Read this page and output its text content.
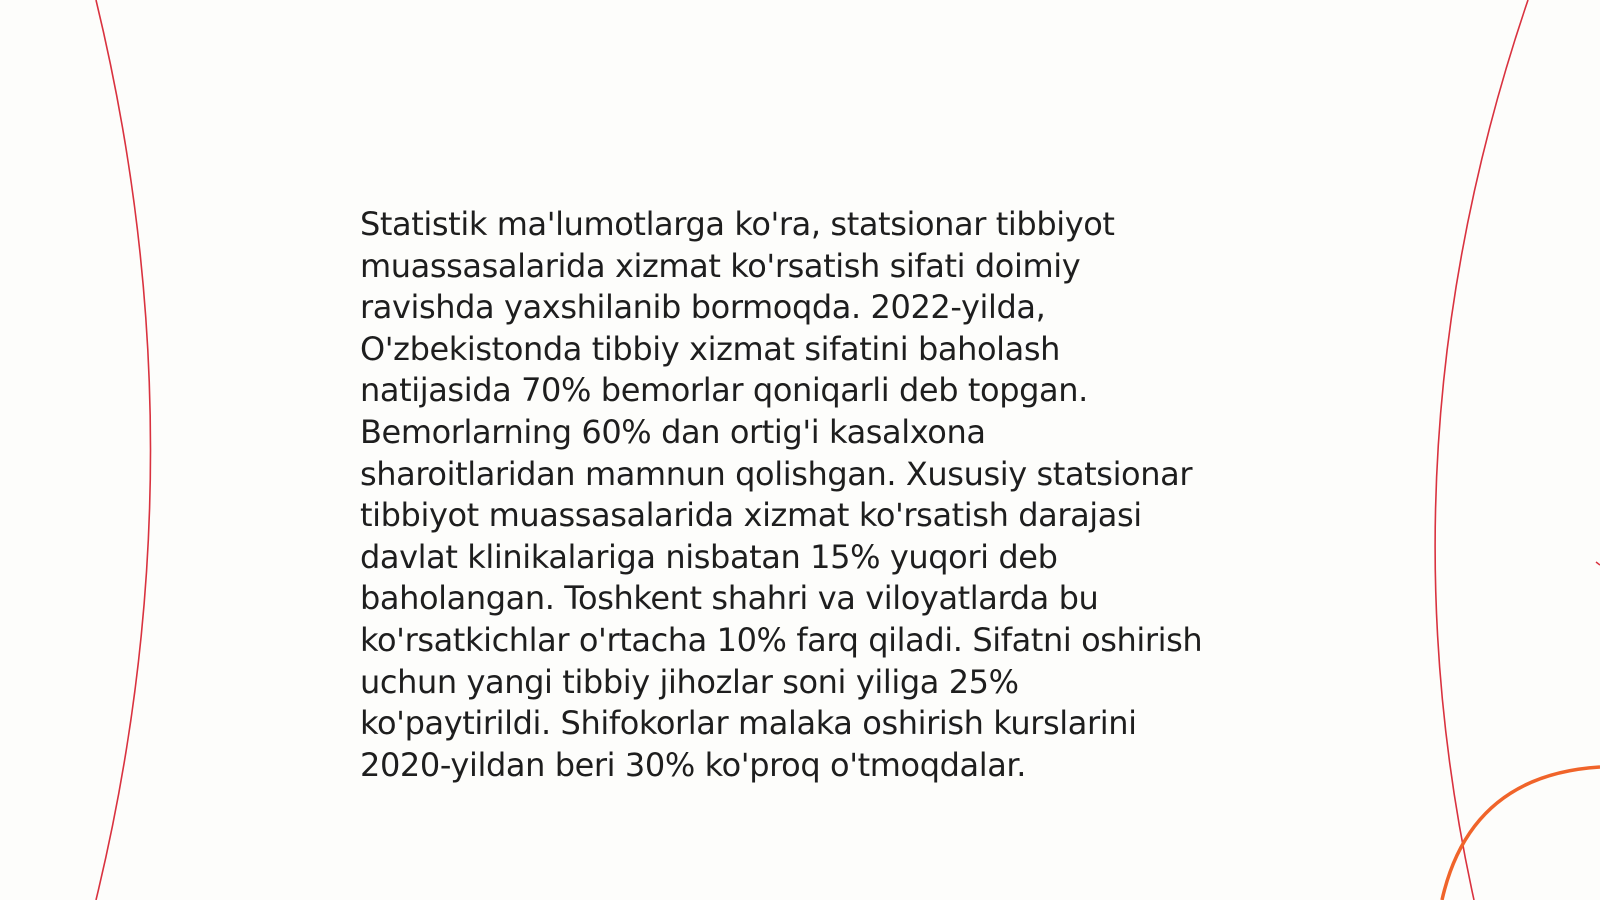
Statistik ma'lumotlarga ko'ra, statsionar tibbiyot
muassasalarida xizmat ko'rsatish sifati doimiy
ravishda yaxshilanib bormoqda. 2022-yilda,
O'zbekistonda tibbiy xizmat sifatini baholash
natijasida 70% bemorlar qoniqarli deb topgan.
Bemorlarning 60% dan ortig'i kasalxona
sharoitlaridan mamnun qolishgan. Xususiy statsionar
tibbiyot muassasalarida xizmat ko'rsatish darajasi
davlat klinikalariga nisbatan 15% yuqori deb
baholangan. Toshkent shahri va viloyatlarda bu
ko'rsatkichlar o'rtacha 10% farq qiladi. Sifatni oshirish
uchun yangi tibbiy jihozlar soni yiliga 25%
ko'paytirildi. Shifokorlar malaka oshirish kurslarini
2020-yildan beri 30% ko'proq o'tmoqdalar.
